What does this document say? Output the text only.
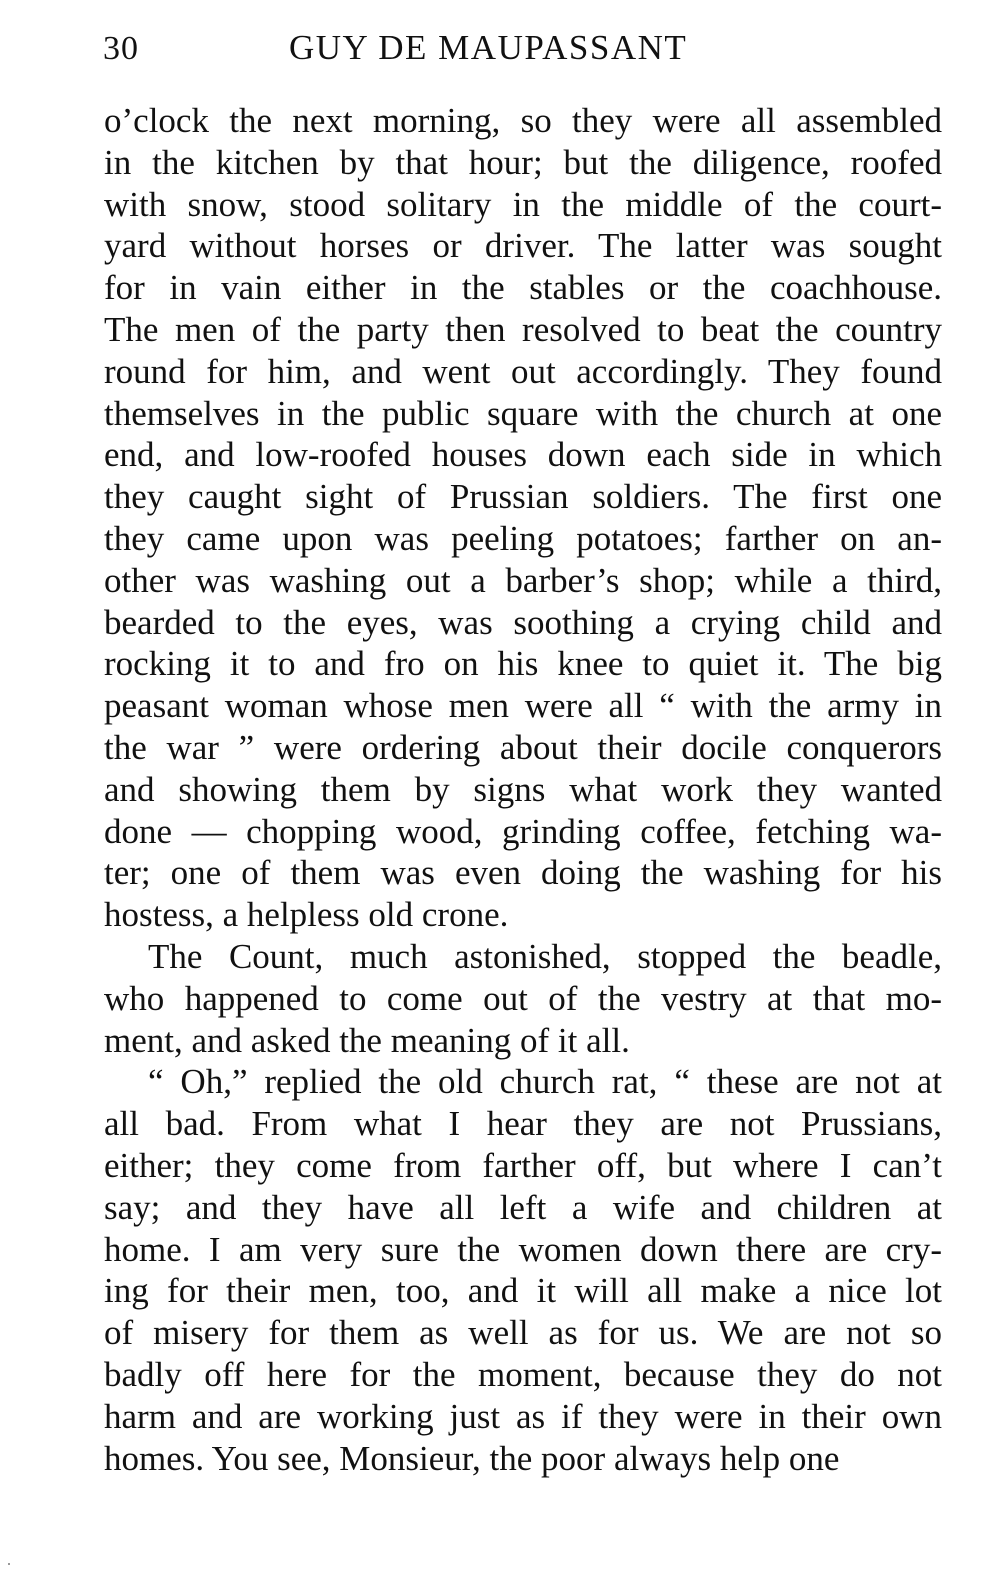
30	GUY DE MAUPASSANT
o’clock the next morning, so they were all assembled
in the kitchen by that hour; but the diligence, roofed
with snow, stood solitary in the middle of the court-
yard without horses or driver. The latter was sought
for in vain either in the stables or the coachhouse.
The men of the party then resolved to beat the country
round for him, and went out accordingly. They found
themselves in the public square with the church at one
end, and low-roofed houses down each side in which
they caught sight of Prussian soldiers. The first one
they came upon was peeling potatoes; farther on an-
other was washing out a barber’s shop; while a third,
bearded to the eyes, was soothing a crying child and
rocking it to and fro on his knee to quiet it. The big
peasant woman whose men were all “ with the army in
the war ” were ordering about their docile conquerors
and showing them by signs what work they wanted
done — chopping wood, grinding coffee, fetching wa-
ter; one of them was even doing the washing for his
hostess, a helpless old crone.
The Count, much astonished, stopped the beadle,
who happened to come out of the vestry at that mo-
ment, and asked the meaning of it all.
“ Oh,” replied the old church rat, “ these are not at
all bad. From what I hear they are not Prussians,
either; they come from farther off, but where I can’t
say; and they have all left a wife and children at
home. I am very sure the women down there are cry-
ing for their men, too, and it will all make a nice lot
of misery for them as well as for us. We are not so
badly off here for the moment, because they do not
harm and are working just as if they were in their own
homes. You see, Monsieur, the poor always help one
